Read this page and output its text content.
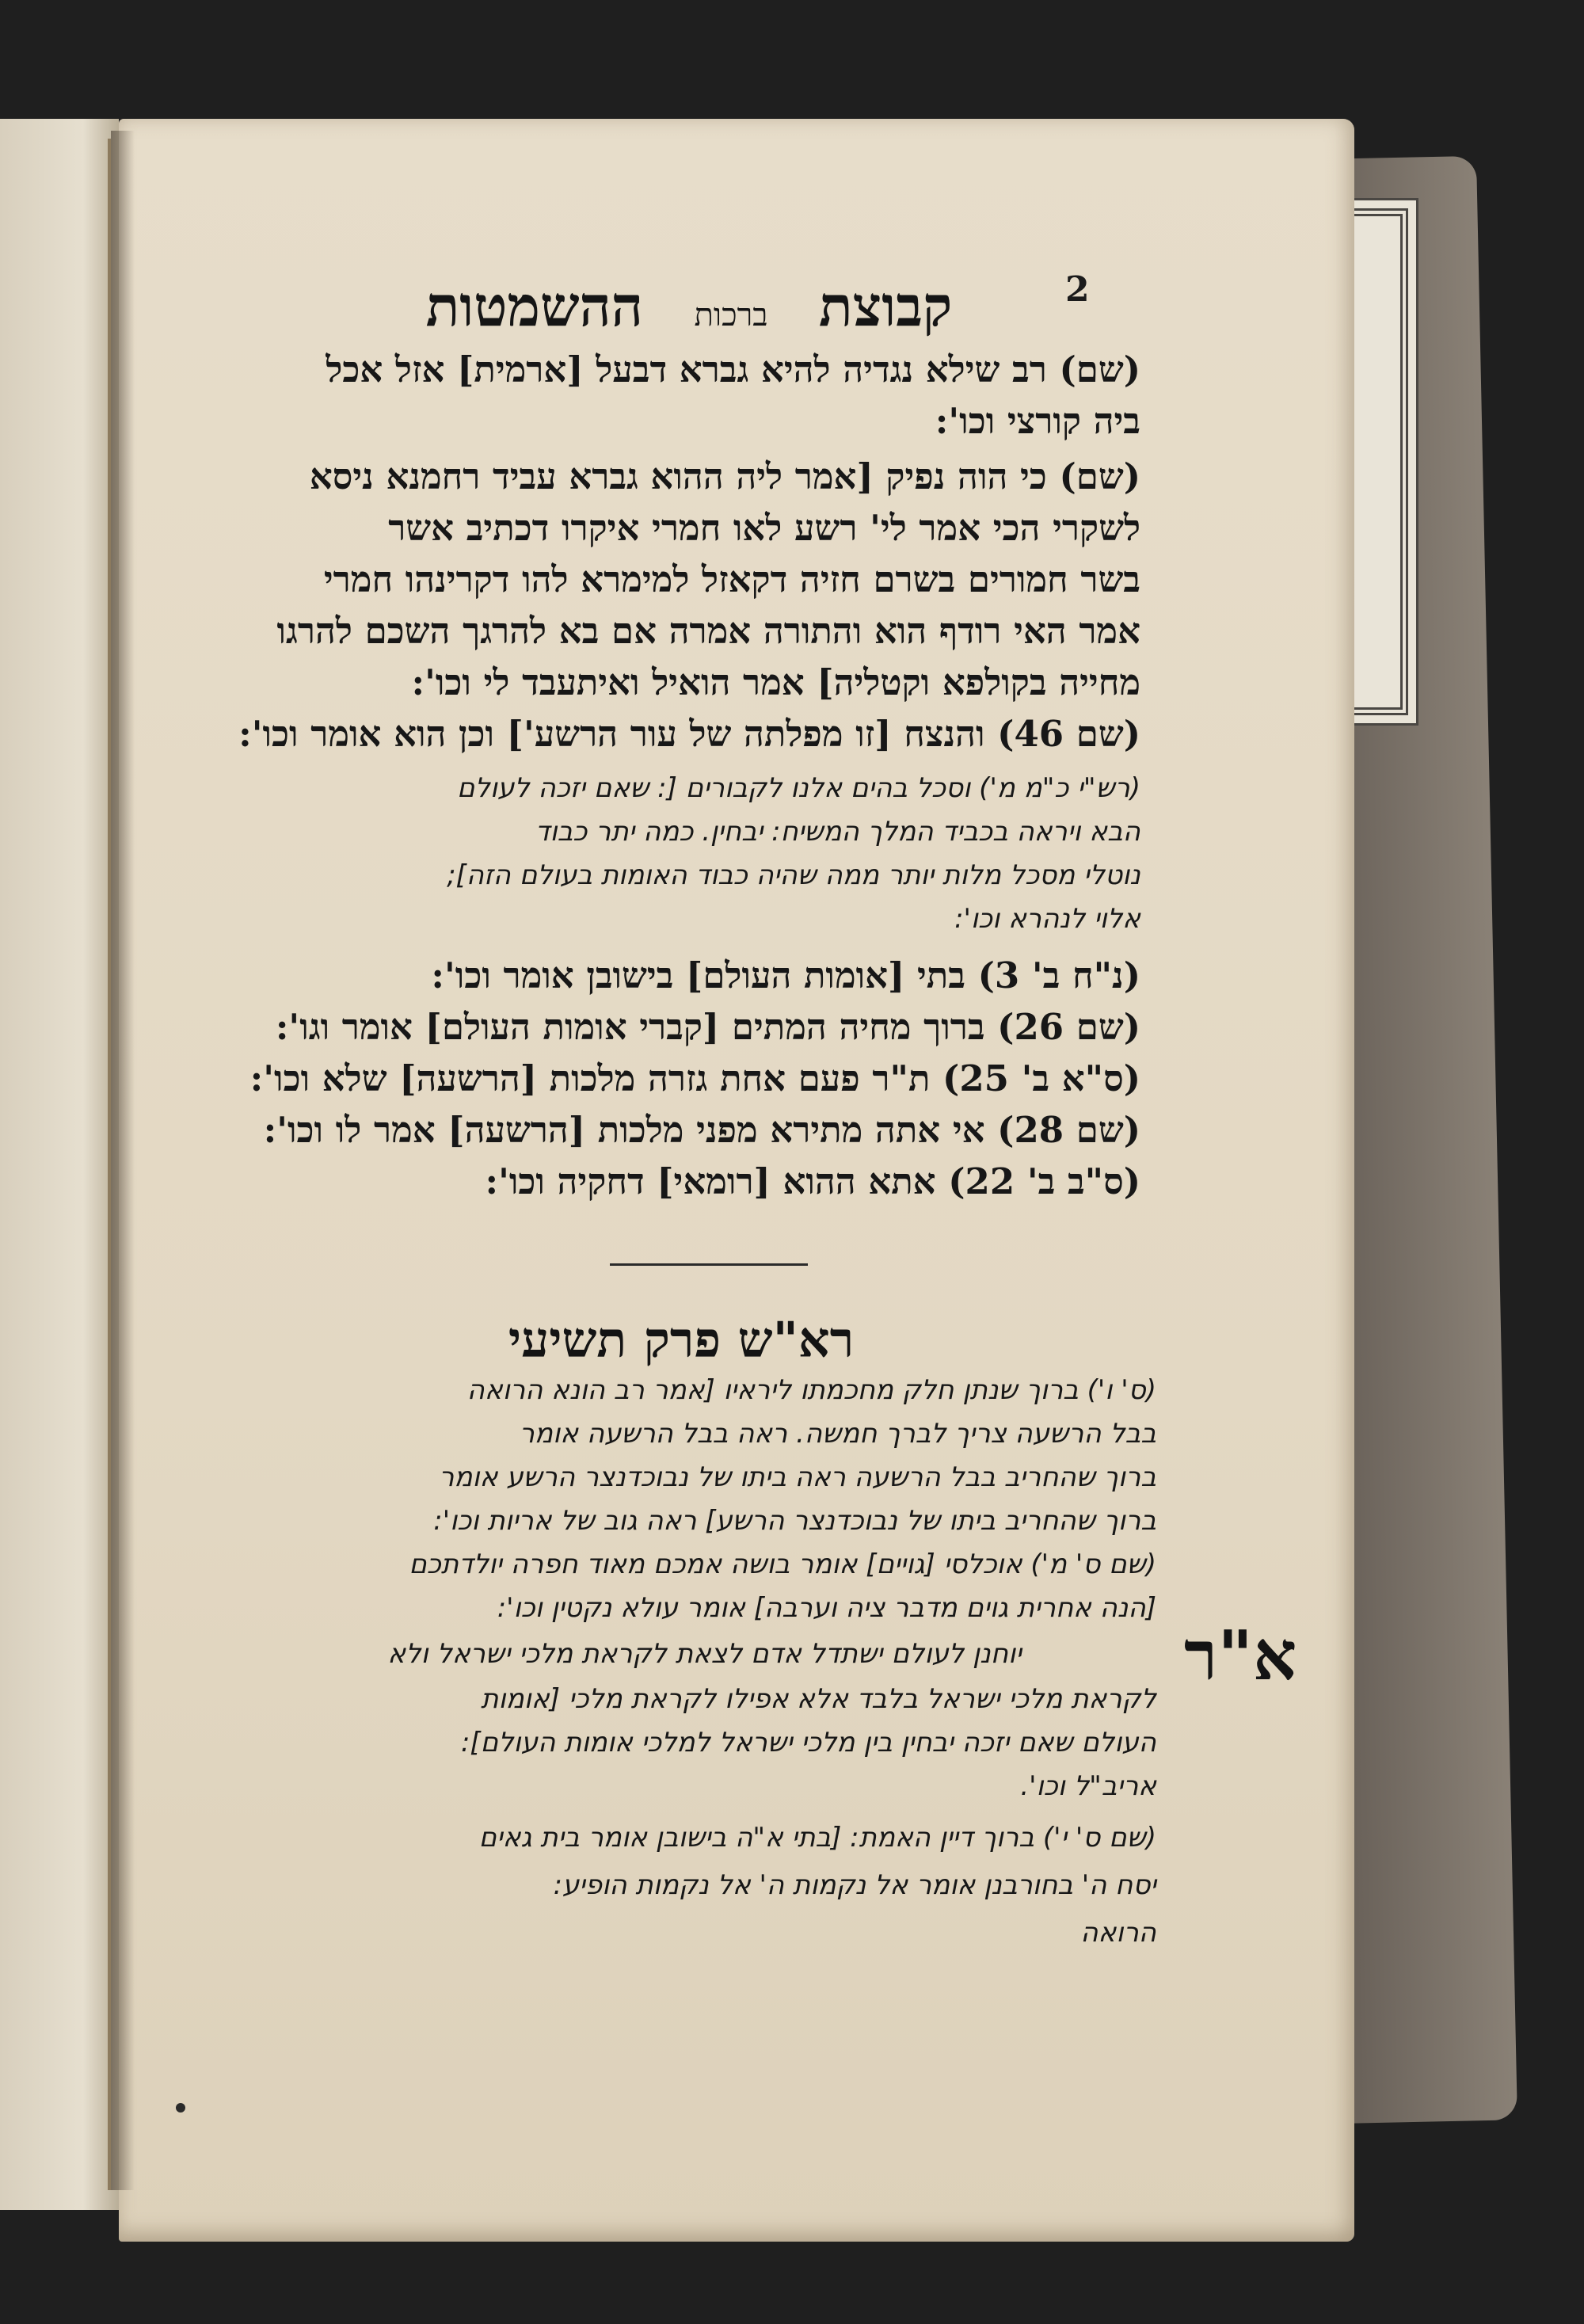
2
קבוצת ברכות ההשמטות
(שם) רב שילא נגדיה להיא גברא דבעל [ארמית] אזל אכל
ביה קורצי וכו':
(שם) כי הוה נפיק [אמר ליה ההוא גברא עביד רחמנא ניסא
לשקרי הכי אמר לי' רשע לאו חמרי איקרו דכתיב אשר
בשר חמורים בשרם חזיה דקאזל למימרא להו דקרינהו חמרי
אמר האי רודף הוא והתורה אמרה אם בא להרגך השכם להרגו
מחייה בקולפא וקטליה] אמר הואיל ואיתעבד לי וכו':
(שם 46) והנצח [זו מפלתה של עור הרשע'] וכן הוא אומר וכו':
(רש"י כ"מ מ') וסכל בהים אלנו לקבורים [: שאם יזכה לעולם
הבא ויראה בכביד המלך המשיח: יבחין. כמה יתר כבוד
נוטלי מסכל מלות יותר ממה שהיה כבוד האומות בעולם הזה];
אלוי לנהרא וכו':
(נ"ח ב' 3) בתי [אומות העולם] בישובן אומר וכו':
(שם 26) ברוך מחיה המתים [קברי אומות העולם] אומר וגו':
(ס"א ב' 25) ת"ר פעם אחת גזרה מלכות [הרשעה] שלא וכו':
(שם 28) אי אתה מתירא מפני מלכות [הרשעה] אמר לו וכו':
(ס"ב ב' 22) אתא ההוא [רומאי] דחקיה וכו':
רא"ש פרק תשיעי
א"ר
(ס' ו') ברוך שנתן חלק מחכמתו ליראיו [אמר רב הונא הרואה
בבל הרשעה צריך לברך חמשה. ראה בבל הרשעה אומר
ברוך שהחריב בבל הרשעה ראה ביתו של נבוכדנצר הרשע אומר
ברוך שהחריב ביתו של נבוכדנצר הרשע] ראה גוב של אריות וכו':
(שם ס' מ') אוכלסי [גויים] אומר בושה אמכם מאוד חפרה יולדתכם
[הנה אחרית גוים מדבר ציה וערבה] אומר עולא נקטין וכו':
יוחנן לעולם ישתדל אדם לצאת לקראת מלכי ישראל ולא
לקראת מלכי ישראל בלבד אלא אפילו לקראת מלכי [אומות
העולם שאם יזכה יבחין בין מלכי ישראל למלכי אומות העולם]:
אריב"ל וכו'.
(שם ס' י') ברוך דיין האמת: [בתי א"ה בישובן אומר בית גאים
יסח ה' בחורבנן אומר אל נקמות ה' אל נקמות הופיע:
הרואה
